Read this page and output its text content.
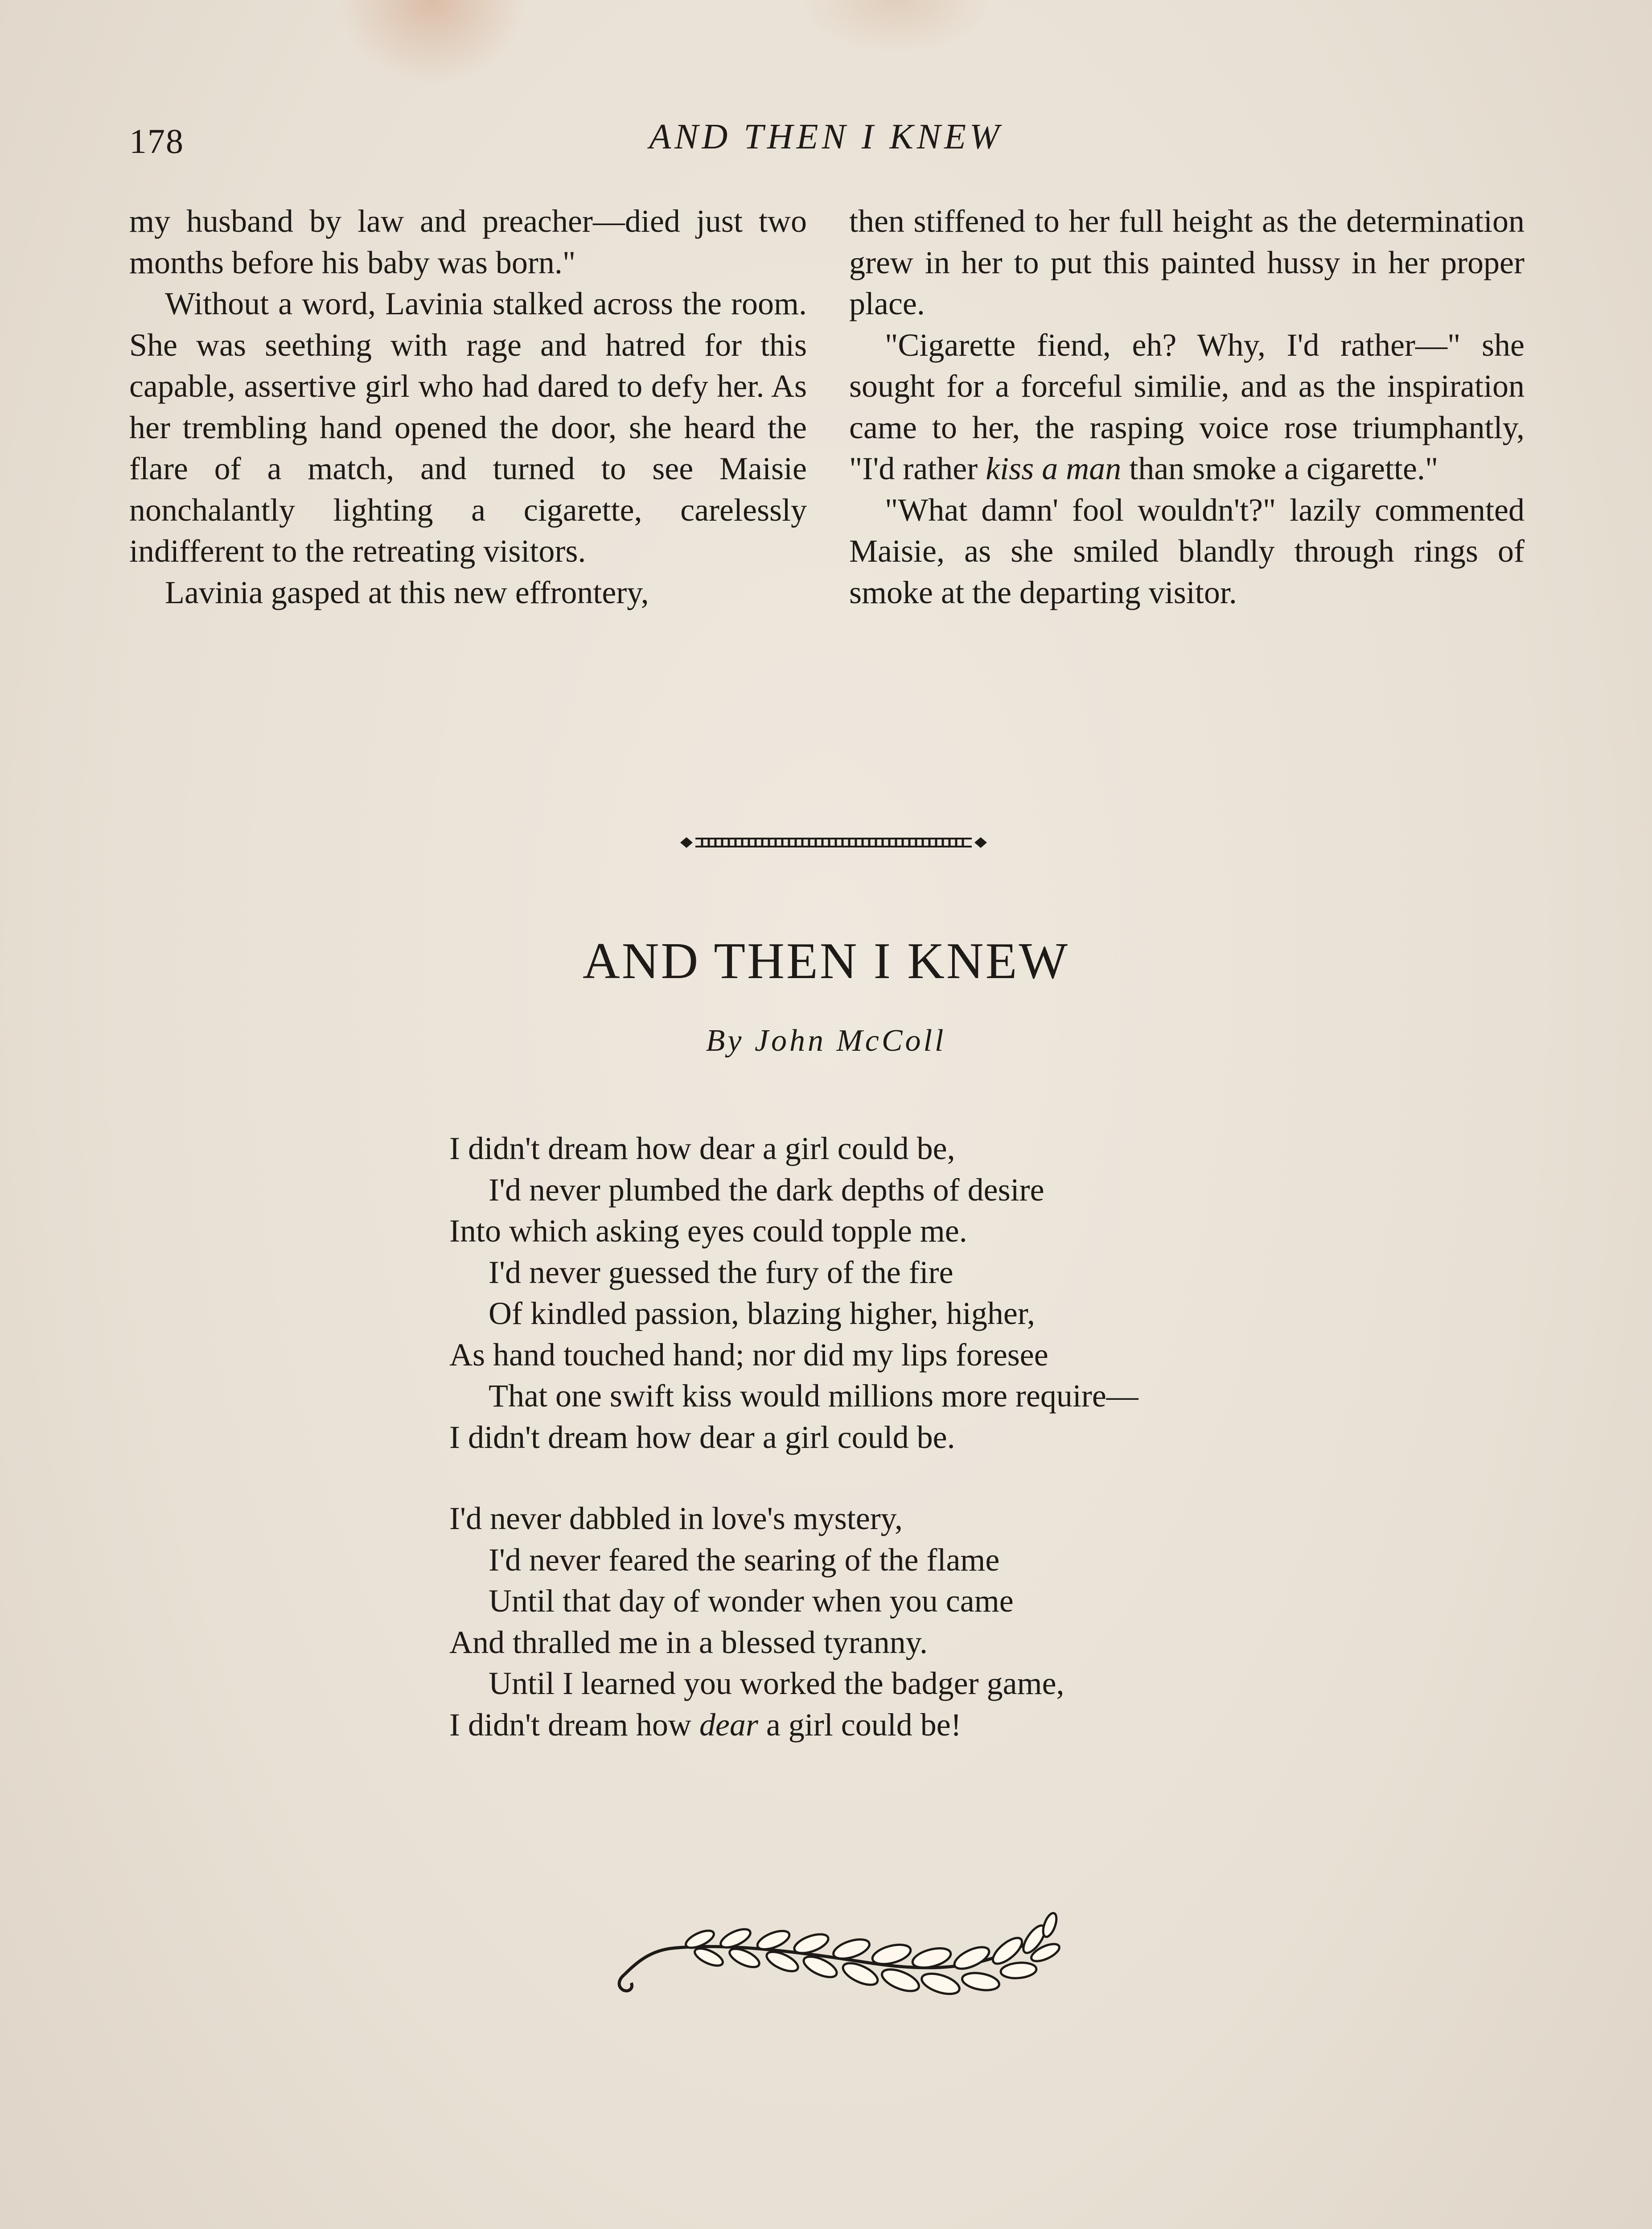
178	AND THEN I KNEW

my husband by law and preacher—died just two months before his baby was born."

Without a word, Lavinia stalked across the room. She was seething with rage and hatred for this capable, assertive girl who had dared to defy her. As her trembling hand opened the door, she heard the flare of a match, and turned to see Maisie nonchalantly lighting a cigarette, carelessly indifferent to the retreating visitors.

Lavinia gasped at this new effrontery,

then stiffened to her full height as the determination grew in her to put this painted hussy in her proper place.

"Cigarette fiend, eh? Why, I'd rather—" she sought for a forceful similie, and as the inspiration came to her, the rasping voice rose triumphantly, "I'd rather kiss a man than smoke a cigarette."

"What damn' fool wouldn't?" lazily commented Maisie, as she smiled blandly through rings of smoke at the departing visitor.

AND THEN I KNEW
By John McColl
I didn't dream how dear a girl could be,
I'd never plumbed the dark depths of desire
Into which asking eyes could topple me.
I'd never guessed the fury of the fire
Of kindled passion, blazing higher, higher,
As hand touched hand; nor did my lips foresee
That one swift kiss would millions more require—
I didn't dream how dear a girl could be.
I'd never dabbled in love's mystery,
I'd never feared the searing of the flame
Until that day of wonder when you came
And thralled me in a blessed tyranny.
Until I learned you worked the badger game,
I didn't dream how dear a girl could be!
